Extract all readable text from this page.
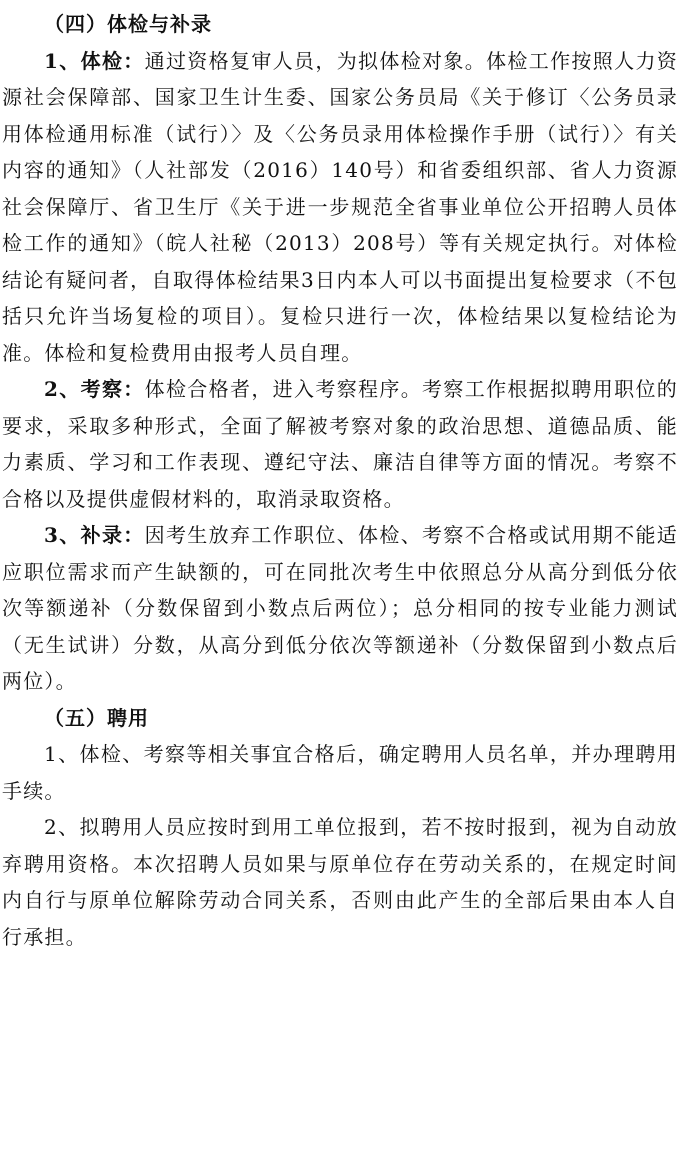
（四）体检与补录

1、体检：通过资格复审人员，为拟体检对象。体检工作按照人力资源社会保障部、国家卫生计生委、国家公务员局《关于修订〈公务员录用体检通用标准（试行）〉及〈公务员录用体检操作手册（试行）〉有关内容的通知》（人社部发（2016）140号）和省委组织部、省人力资源社会保障厅、省卫生厅《关于进一步规范全省事业单位公开招聘人员体检工作的通知》（皖人社秘（2013）208号）等有关规定执行。对体检结论有疑问者，自取得体检结果3日内本人可以书面提出复检要求（不包括只允许当场复检的项目）。复检只进行一次，体检结果以复检结论为准。体检和复检费用由报考人员自理。

2、考察：体检合格者，进入考察程序。考察工作根据拟聘用职位的要求，采取多种形式，全面了解被考察对象的政治思想、道德品质、能力素质、学习和工作表现、遵纪守法、廉洁自律等方面的情况。考察不合格以及提供虚假材料的，取消录取资格。

3、补录：因考生放弃工作职位、体检、考察不合格或试用期不能适应职位需求而产生缺额的，可在同批次考生中依照总分从高分到低分依次等额递补（分数保留到小数点后两位）；总分相同的按专业能力测试（无生试讲）分数，从高分到低分依次等额递补（分数保留到小数点后两位）。

（五）聘用

1、体检、考察等相关事宜合格后，确定聘用人员名单，并办理聘用手续。

2、拟聘用人员应按时到用工单位报到，若不按时报到，视为自动放弃聘用资格。本次招聘人员如果与原单位存在劳动关系的，在规定时间内自行与原单位解除劳动合同关系，否则由此产生的全部后果由本人自行承担。
